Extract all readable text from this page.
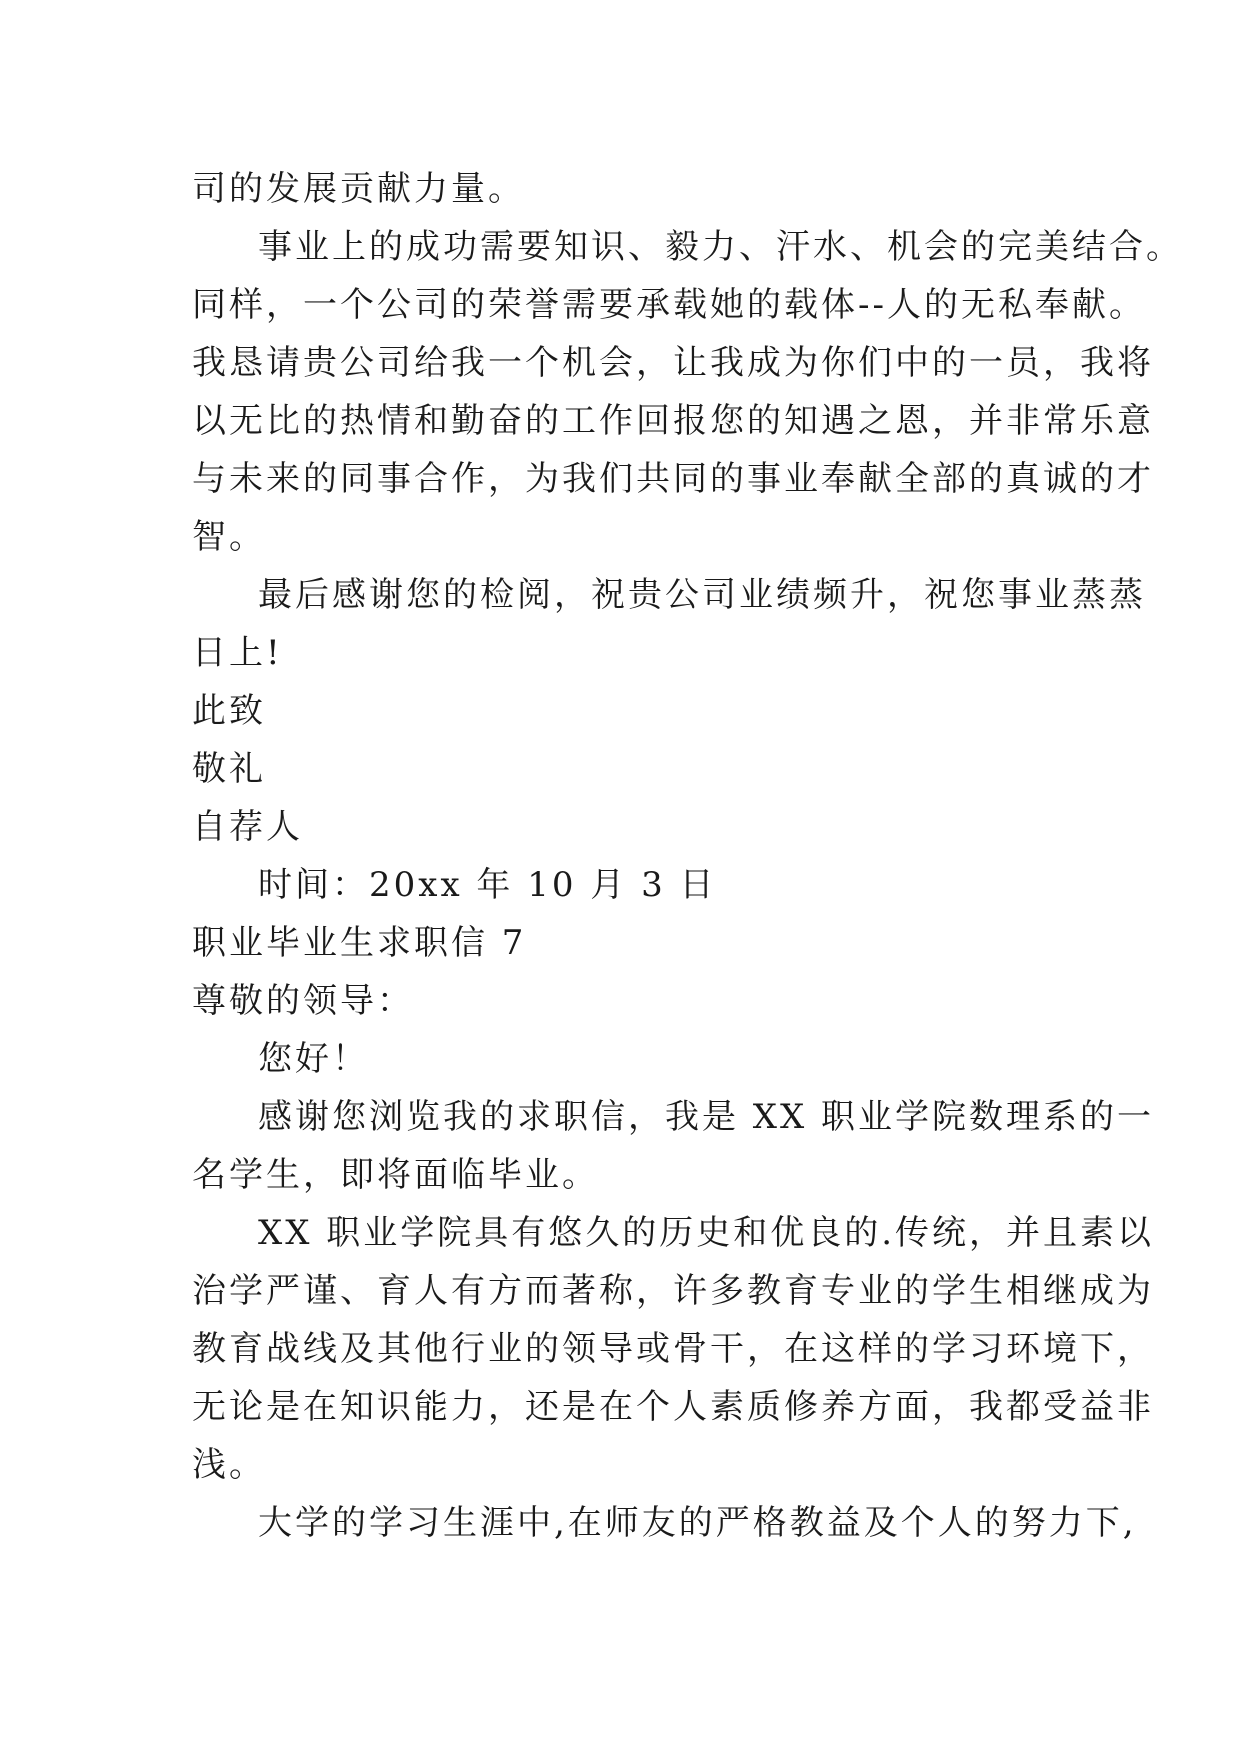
司的发展贡献力量。
事业上的成功需要知识、毅力、汗水、机会的完美结合。
同样，一个公司的荣誉需要承载她的载体--人的无私奉献。
我恳请贵公司给我一个机会，让我成为你们中的一员，我将
以无比的热情和勤奋的工作回报您的知遇之恩，并非常乐意
与未来的同事合作，为我们共同的事业奉献全部的真诚的才
智。
最后感谢您的检阅，祝贵公司业绩频升，祝您事业蒸蒸
日上!
此致
敬礼
自荐人
时间：20xx 年 10 月 3 日
职业毕业生求职信 7
尊敬的领导：
您好！
感谢您浏览我的求职信，我是 XX 职业学院数理系的一
名学生，即将面临毕业。
XX 职业学院具有悠久的历史和优良的.传统，并且素以
治学严谨、育人有方而著称，许多教育专业的学生相继成为
教育战线及其他行业的领导或骨干，在这样的学习环境下，
无论是在知识能力，还是在个人素质修养方面，我都受益非
浅。
大学的学习生涯中,在师友的严格教益及个人的努力下,
